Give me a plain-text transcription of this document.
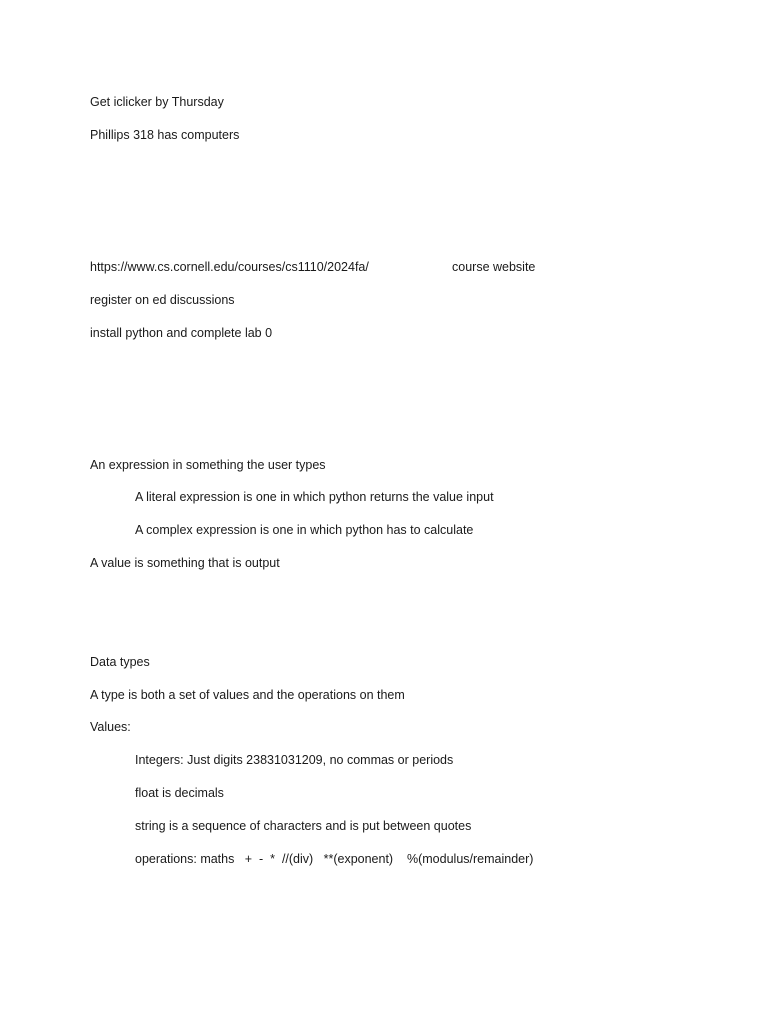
Get iclicker by Thursday
Phillips 318 has computers
https://www.cs.cornell.edu/courses/cs1110/2024fa/	course website
register on ed discussions
install python and complete lab 0
An expression in something the user types
A literal expression is one in which python returns the value input
A complex expression is one in which python has to calculate
A value is something that is output
Data types
A type is both a set of values and the operations on them
Values:
Integers: Just digits 23831031209, no commas or periods
float is decimals
string is a sequence of characters and is put between quotes
operations: maths   +  -  *  //(div)   **(exponent)    %(modulus/remainder)
